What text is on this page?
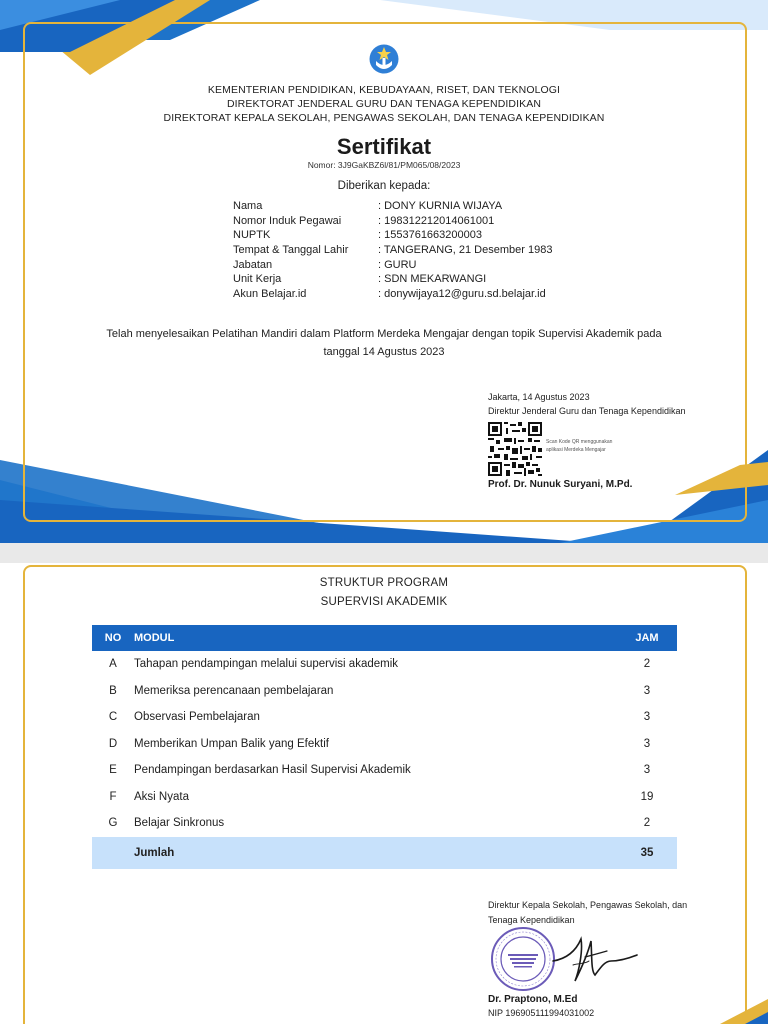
KEMENTERIAN PENDIDIKAN, KEBUDAYAAN, RISET, DAN TEKNOLOGI
DIREKTORAT JENDERAL GURU DAN TENAGA KEPENDIDIKAN
DIREKTORAT KEPALA SEKOLAH, PENGAWAS SEKOLAH, DAN TENAGA KEPENDIDIKAN
Sertifikat
Nomor: 3J9GaKBZ6l/81/PM065/08/2023
Diberikan kepada:
Nama	: DONY KURNIA WIJAYA
Nomor Induk Pegawai	: 198312212014061001
NUPTK	: 1553761663200003
Tempat & Tanggal Lahir	: TANGERANG, 21 Desember 1983
Jabatan	: GURU
Unit Kerja	: SDN MEKARWANGI
Akun Belajar.id	: donywijaya12@guru.sd.belajar.id
Telah menyelesaikan Pelatihan Mandiri dalam Platform Merdeka Mengajar dengan topik Supervisi Akademik pada
tanggal 14 Agustus 2023
Jakarta, 14 Agustus 2023
Direktur Jenderal Guru dan Tenaga Kependidikan
Scan Kode QR menggunakan
aplikasi Merdeka Mengajar
Prof. Dr. Nunuk Suryani, M.Pd.
STRUKTUR PROGRAM
SUPERVISI AKADEMIK
NO	MODUL	JAM
A	Tahapan pendampingan melalui supervisi akademik	2
B	Memeriksa perencanaan pembelajaran	3
C	Observasi Pembelajaran	3
D	Memberikan Umpan Balik yang Efektif	3
E	Pendampingan berdasarkan Hasil Supervisi Akademik	3
F	Aksi Nyata	19
G	Belajar Sinkronus	2
Jumlah	35
Direktur Kepala Sekolah, Pengawas Sekolah, dan
Tenaga Kependidikan
Dr. Praptono, M.Ed
NIP 196905111994031002
